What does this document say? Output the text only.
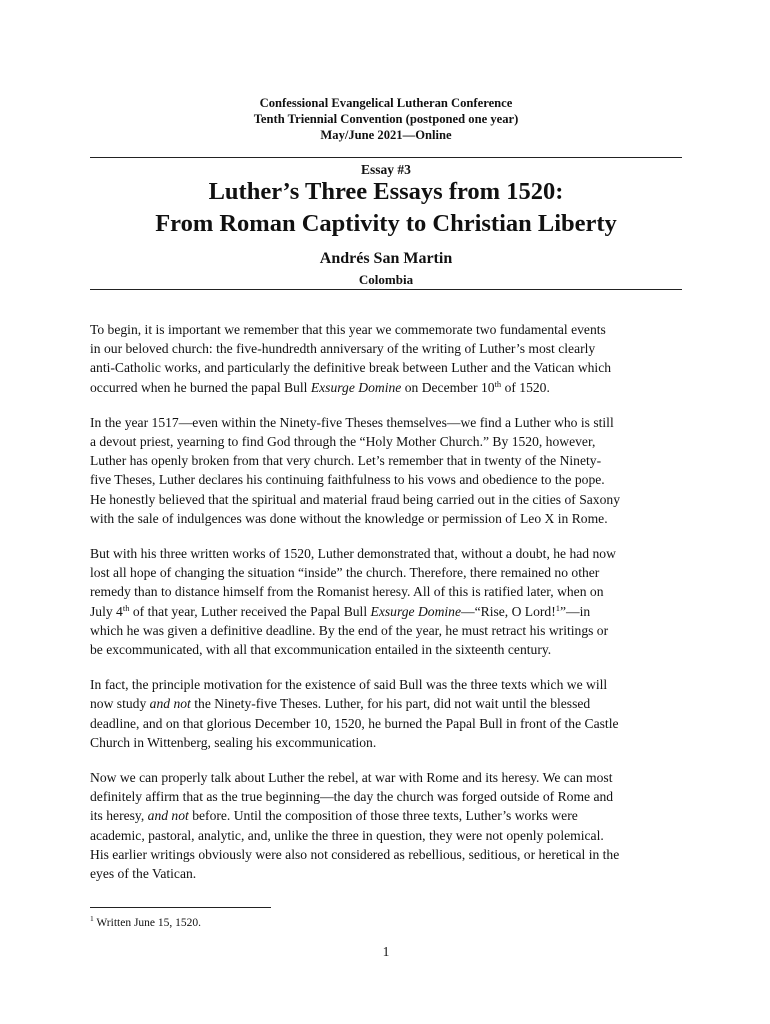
Confessional Evangelical Lutheran Conference
Tenth Triennial Convention (postponed one year)
May/June 2021—Online
Essay #3
Luther’s Three Essays from 1520:
From Roman Captivity to Christian Liberty
Andrés San Martin
Colombia
To begin, it is important we remember that this year we commemorate two fundamental events
in our beloved church: the five-hundredth anniversary of the writing of Luther’s most clearly
anti-Catholic works, and particularly the definitive break between Luther and the Vatican which
occurred when he burned the papal Bull Exsurge Domine on December 10th of 1520.
In the year 1517—even within the Ninety-five Theses themselves—we find a Luther who is still
a devout priest, yearning to find God through the “Holy Mother Church.” By 1520, however,
Luther has openly broken from that very church. Let’s remember that in twenty of the Ninety-
five Theses, Luther declares his continuing faithfulness to his vows and obedience to the pope.
He honestly believed that the spiritual and material fraud being carried out in the cities of Saxony
with the sale of indulgences was done without the knowledge or permission of Leo X in Rome.
But with his three written works of 1520, Luther demonstrated that, without a doubt, he had now
lost all hope of changing the situation “inside” the church. Therefore, there remained no other
remedy than to distance himself from the Romanist heresy. All of this is ratified later, when on
July 4th of that year, Luther received the Papal Bull Exsurge Domine—“Rise, O Lord!$^1$”—in
which he was given a definitive deadline. By the end of the year, he must retract his writings or
be excommunicated, with all that excommunication entailed in the sixteenth century.
In fact, the principle motivation for the existence of said Bull was the three texts which we will
now study and not the Ninety-five Theses. Luther, for his part, did not wait until the blessed
deadline, and on that glorious December 10, 1520, he burned the Papal Bull in front of the Castle
Church in Wittenberg, sealing his excommunication.
Now we can properly talk about Luther the rebel, at war with Rome and its heresy. We can most
definitely affirm that as the true beginning—the day the church was forged outside of Rome and
its heresy, and not before. Until the composition of those three texts, Luther’s works were
academic, pastoral, analytic, and, unlike the three in question, they were not openly polemical.
His earlier writings obviously were also not considered as rebellious, seditious, or heretical in the
eyes of the Vatican.
$^1$ Written June 15, 1520.
1
